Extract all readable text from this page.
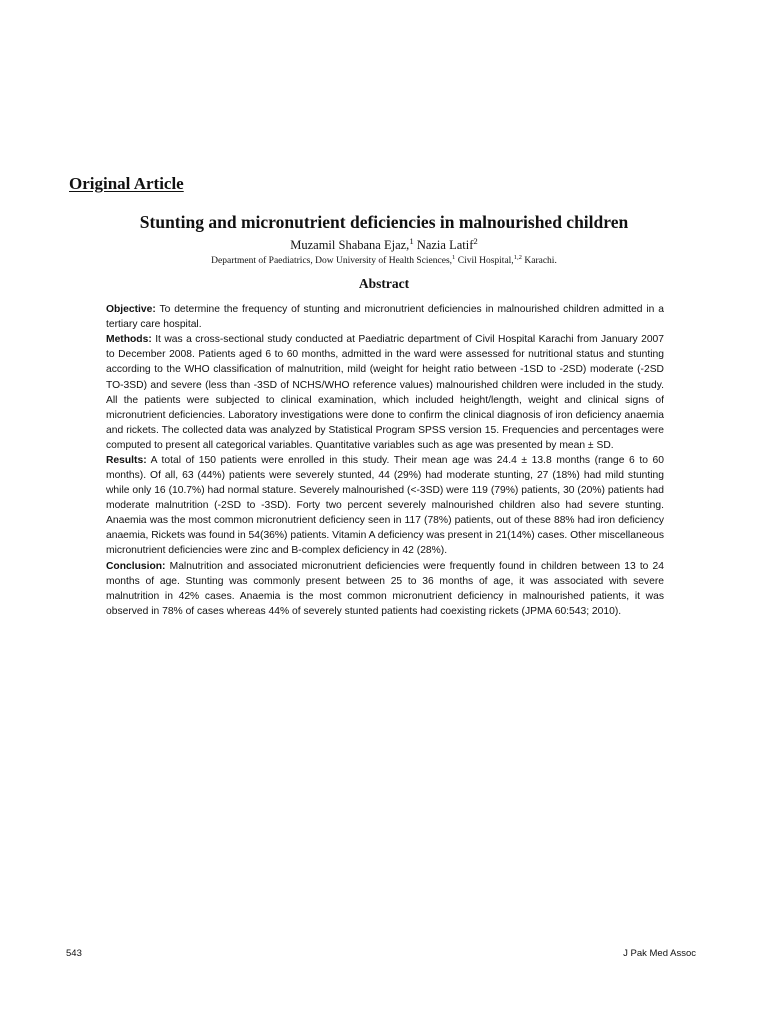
Original Article
Stunting and micronutrient deficiencies in malnourished children
Muzamil Shabana Ejaz,$^1$ Nazia Latif$^2$
Department of Paediatrics, Dow University of Health Sciences,$^1$ Civil Hospital,$^{1,2}$ Karachi.
Abstract

Objective: To determine the frequency of stunting and micronutrient deficiencies in malnourished children admitted in a tertiary care hospital.

Methods: It was a cross-sectional study conducted at Paediatric department of Civil Hospital Karachi from January 2007 to December 2008. Patients aged 6 to 60 months, admitted in the ward were assessed for nutritional status and stunting according to the WHO classification of malnutrition, mild (weight for height ratio between -1SD to -2SD) moderate (-2SD TO-3SD) and severe (less than -3SD of NCHS/WHO reference values) malnourished children were included in the study. All the patients were subjected to clinical examination, which included height/length, weight and clinical signs of micronutrient deficiencies. Laboratory investigations were done to confirm the clinical diagnosis of iron deficiency anaemia and rickets. The collected data was analyzed by Statistical Program SPSS version 15. Frequencies and percentages were computed to present all categorical variables. Quantitative variables such as age was presented by mean ± SD.

Results: A total of 150 patients were enrolled in this study. Their mean age was 24.4 ± 13.8 months (range 6 to 60 months). Of all, 63 (44%) patients were severely stunted, 44 (29%) had moderate stunting, 27 (18%) had mild stunting while only 16 (10.7%) had normal stature. Severely malnourished (<-3SD) were 119 (79%) patients, 30 (20%) patients had moderate malnutrition (-2SD to -3SD). Forty two percent severely malnourished children also had severe stunting. Anaemia was the most common micronutrient deficiency seen in 117 (78%) patients, out of these 88% had iron deficiency anaemia, Rickets was found in 54(36%) patients. Vitamin A deficiency was present in 21(14%) cases. Other miscellaneous micronutrient deficiencies were zinc and B-complex deficiency in 42 (28%).

Conclusion: Malnutrition and associated micronutrient deficiencies were frequently found in children between 13 to 24 months of age. Stunting was commonly present between 25 to 36 months of age, it was associated with severe malnutrition in 42% cases. Anaemia is the most common micronutrient deficiency in malnourished patients, it was observed in 78% of cases whereas 44% of severely stunted patients had coexisting rickets (JPMA 60:543; 2010).

543	J Pak Med Assoc
